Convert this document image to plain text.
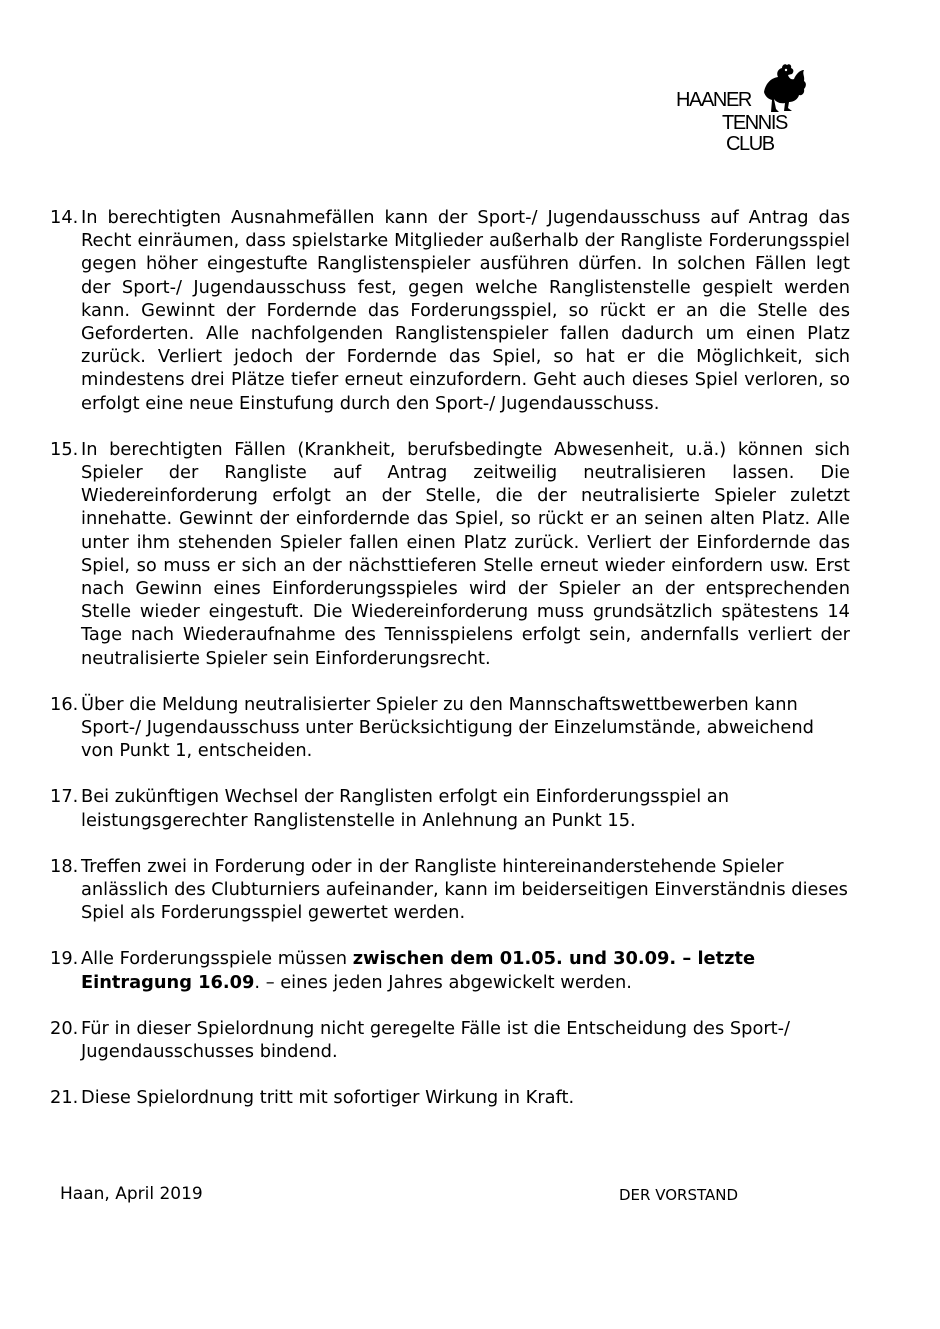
HAANER
TENNIS
CLUB
14. In berechtigten Ausnahmefällen kann der Sport-/ Jugendausschuss auf Antrag das Recht einräumen, dass spielstarke Mitglieder außerhalb der Rangliste Forderungsspiel gegen höher eingestufte Ranglistenspieler ausführen dürfen. In solchen Fällen legt der Sport-/ Jugendausschuss fest, gegen welche Ranglistenstelle gespielt werden kann. Gewinnt der Fordernde das Forderungsspiel, so rückt er an die Stelle des Geforderten. Alle nachfolgenden Ranglistenspieler fallen dadurch um einen Platz zurück. Verliert jedoch der Fordernde das Spiel, so hat er die Möglichkeit, sich mindestens drei Plätze tiefer erneut einzufordern. Geht auch dieses Spiel verloren, so erfolgt eine neue Einstufung durch den Sport-/ Jugendausschuss.
15. In berechtigten Fällen (Krankheit, berufsbedingte Abwesenheit, u.ä.) können sich Spieler der Rangliste auf Antrag zeitweilig neutralisieren lassen. Die Wiedereinforderung erfolgt an der Stelle, die der neutralisierte Spieler zuletzt innehatte. Gewinnt der einfordernde das Spiel, so rückt er an seinen alten Platz. Alle unter ihm stehenden Spieler fallen einen Platz zurück. Verliert der Einfordernde das Spiel, so muss er sich an der nächsttieferen Stelle erneut wieder einfordern usw. Erst nach Gewinn eines Einforderungsspieles wird der Spieler an der entsprechenden Stelle wieder eingestuft. Die Wiedereinforderung muss grundsätzlich spätestens 14 Tage nach Wiederaufnahme des Tennisspielens erfolgt sein, andernfalls verliert der neutralisierte Spieler sein Einforderungsrecht.
16. Über die Meldung neutralisierter Spieler zu den Mannschaftswettbewerben kann Sport-/ Jugendausschuss unter Berücksichtigung der Einzelumstände, abweichend von Punkt 1, entscheiden.
17. Bei zukünftigen Wechsel der Ranglisten erfolgt ein Einforderungsspiel an leistungsgerechter Ranglistenstelle in Anlehnung an Punkt 15.
18. Treffen zwei in Forderung oder in der Rangliste hintereinanderstehende Spieler anlässlich des Clubturniers aufeinander, kann im beiderseitigen Einverständnis dieses Spiel als Forderungsspiel gewertet werden.
19. Alle Forderungsspiele müssen zwischen dem 01.05. und 30.09. – letzte Eintragung 16.09. – eines jeden Jahres abgewickelt werden.
20. Für in dieser Spielordnung nicht geregelte Fälle ist die Entscheidung des Sport-/ Jugendausschusses bindend.
21. Diese Spielordnung tritt mit sofortiger Wirkung in Kraft.
Haan, April 2019	DER VORSTAND
